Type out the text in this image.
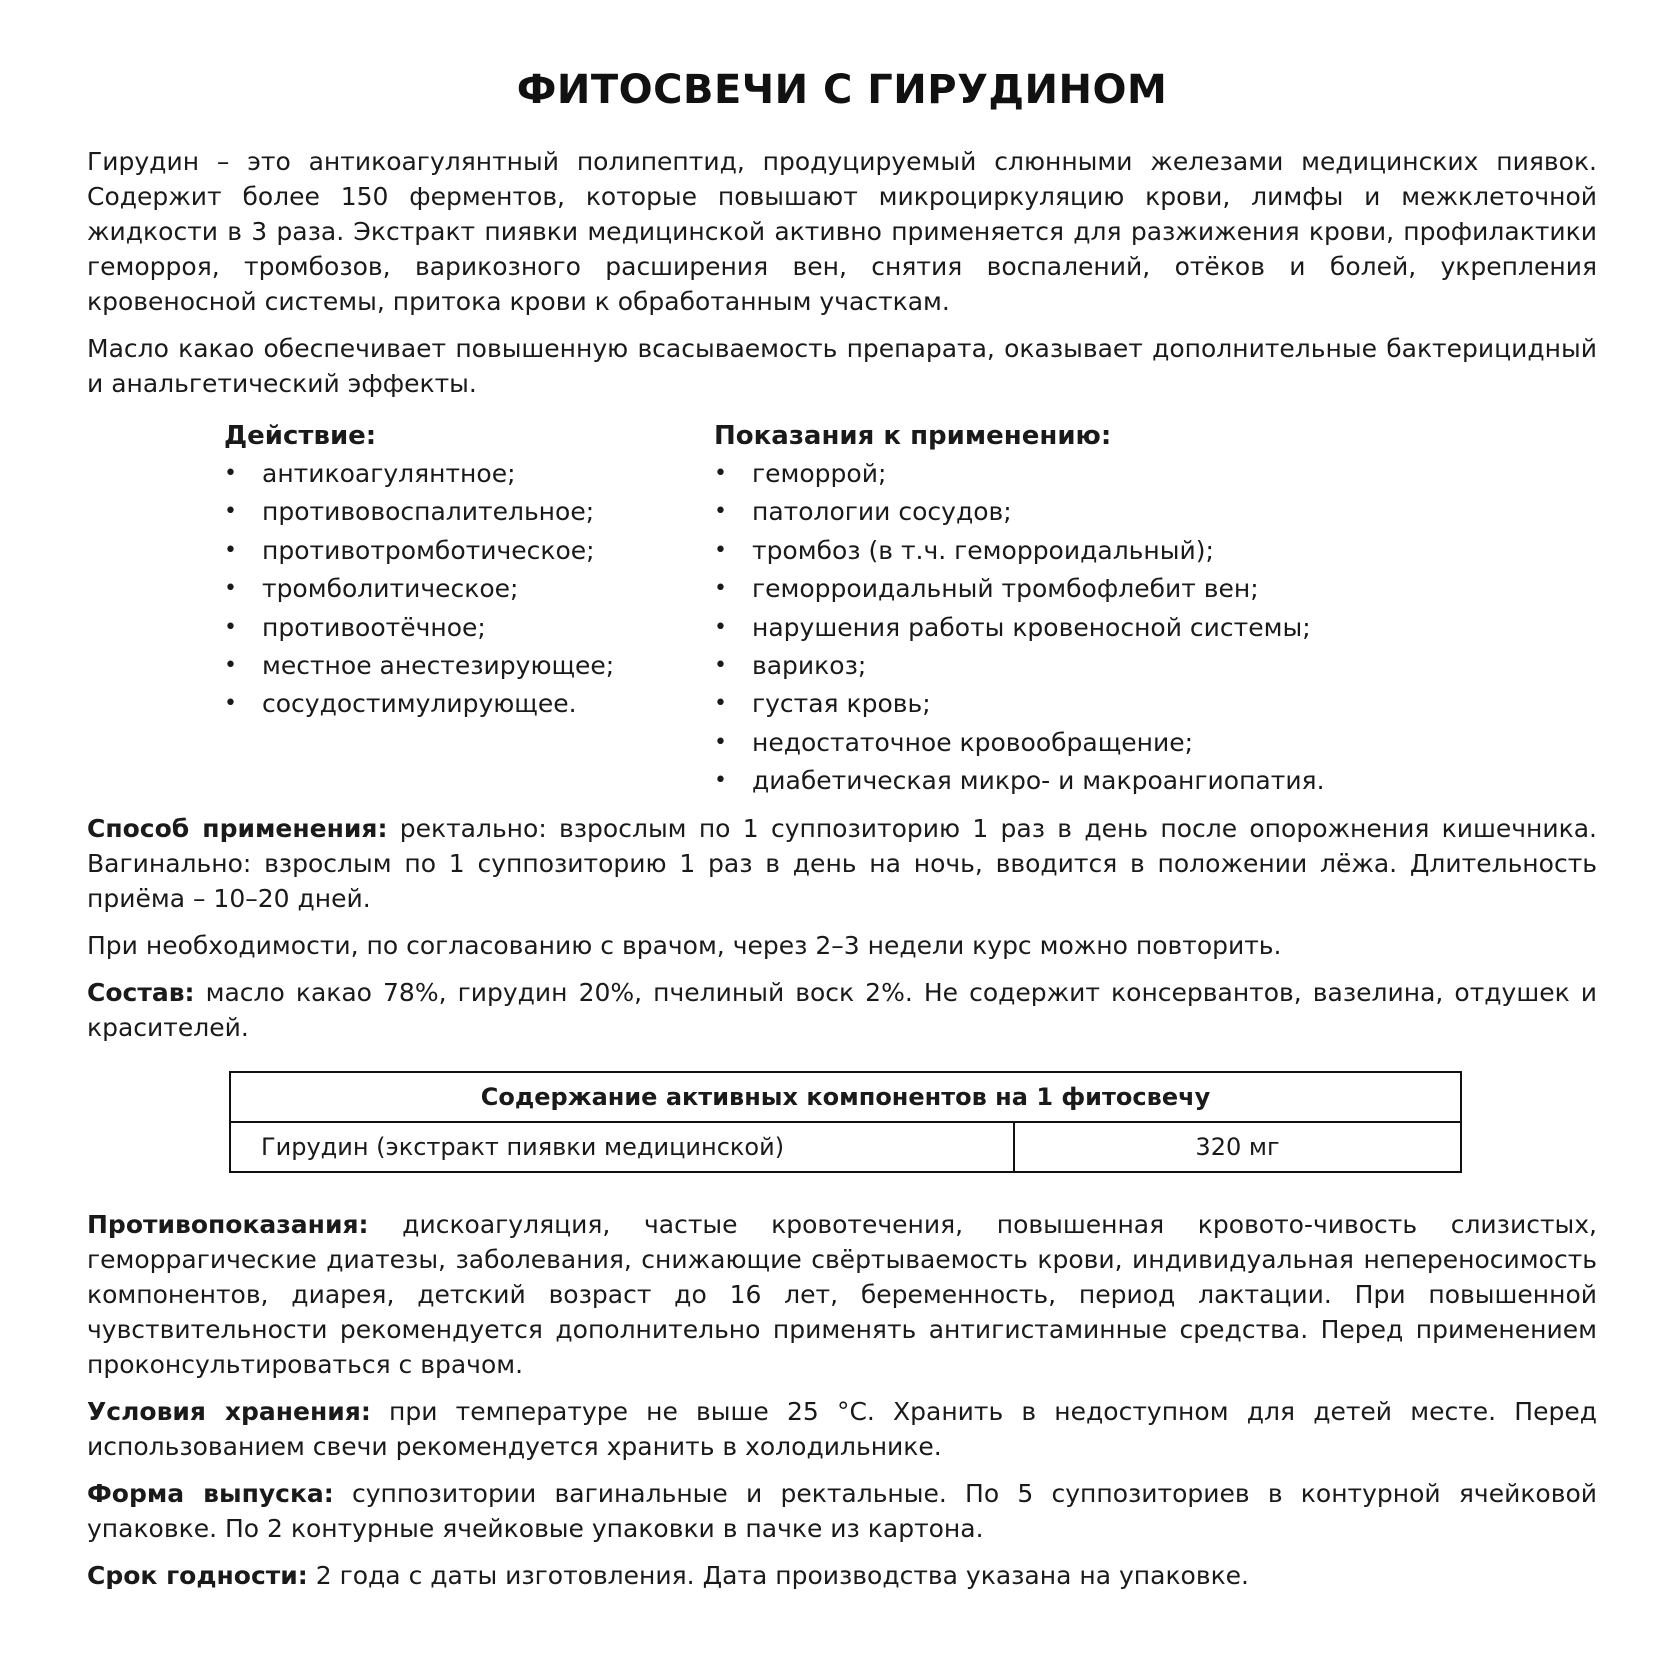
ФИТОСВЕЧИ С ГИРУДИНОМ

Гирудин – это антикоагулянтный полипептид, продуцируемый слюнными железами медицинских пиявок. Содержит более 150 ферментов, которые повышают микроциркуляцию крови, лимфы и межклеточной жидкости в 3 раза. Экстракт пиявки медицинской активно применяется для разжижения крови, профилактики геморроя, тромбозов, варикозного расширения вен, снятия воспалений, отёков и болей, укрепления кровеносной системы, притока крови к обработанным участкам.

Масло какао обеспечивает повышенную всасываемость препарата, оказывает дополнительные бактерицидный и анальгетический эффекты.

Действие:
• антикоагулянтное;
• противовоспалительное;
• противотромботическое;
• тромболитическое;
• противоотёчное;
• местное анестезирующее;
• сосудостимулирующее.
Показания к применению:
• геморрой;
• патологии сосудов;
• тромбоз (в т.ч. геморроидальный);
• геморроидальный тромбофлебит вен;
• нарушения работы кровеносной системы;
• варикоз;
• густая кровь;
• недостаточное кровообращение;
• диабетическая микро- и макроангиопатия.

Способ применения: ректально: взрослым по 1 суппозиторию 1 раз в день после опорожнения кишечника. Вагинально: взрослым по 1 суппозиторию 1 раз в день на ночь, вводится в положении лёжа. Длительность приёма – 10–20 дней.

При необходимости, по согласованию с врачом, через 2–3 недели курс можно повторить.

Состав: масло какао 78%, гирудин 20%, пчелиный воск 2%. Не содержит консервантов, вазелина, отдушек и красителей.

Содержание активных компонентов на 1 фитосвечу
Гирудин (экстракт пиявки медицинской)	320 мг

Противопоказания: дискоагуляция, частые кровотечения, повышенная кровото-чивость слизистых, геморрагические диатезы, заболевания, снижающие свёртываемость крови, индивидуальная непереносимость компонентов, диарея, детский возраст до 16 лет, беременность, период лактации. При повышенной чувствительности рекомендуется дополнительно применять антигистаминные средства. Перед применением проконсультироваться с врачом.

Условия хранения: при температуре не выше 25 °С. Хранить в недоступном для детей месте. Перед использованием свечи рекомендуется хранить в холодильнике.

Форма выпуска: суппозитории вагинальные и ректальные. По 5 суппозиториев в контурной ячейковой упаковке. По 2 контурные ячейковые упаковки в пачке из картона.

Срок годности: 2 года с даты изготовления. Дата производства указана на упаковке.
